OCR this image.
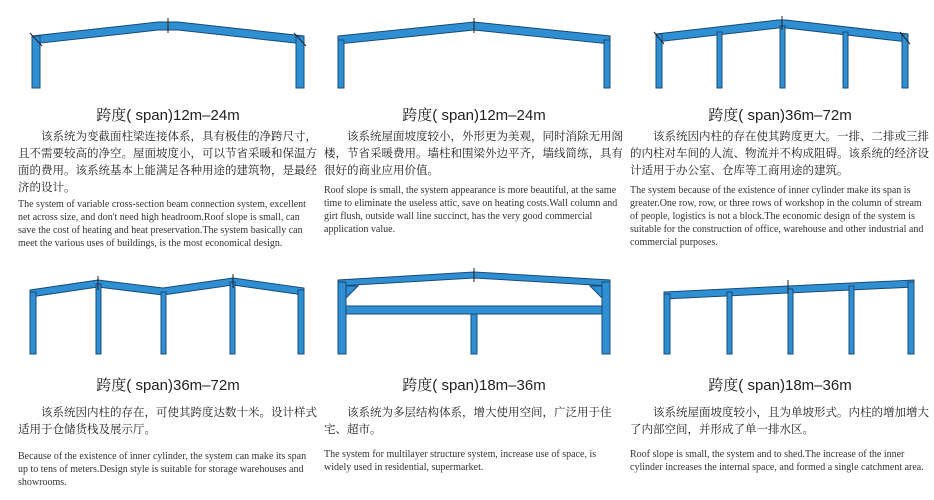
跨度( span)12m–24m

该系统为变截面柱梁连接体系，具有极佳的净跨尺寸，且不需要较高的净空。屋面坡度小，可以节省采暖和保温方面的费用。该系统基本上能满足各种用途的建筑物，是最经济的设计。

The system of variable cross-section beam connection system, excellent net across size, and don't need high headroom.Roof slope is small, can save the cost of heating and heat preservation.The system basically can meet the various uses of buildings, is the most economical design.

跨度( span)12m–24m

该系统屋面坡度较小，外形更为美观，同时消除无用阁楼，节省采暖费用。墙柱和围梁外边平齐，墙线简练，具有很好的商业应用价值。

Roof slope is small, the system appearance is more beautiful, at the same time to eliminate the useless attic, save on heating costs.Wall column and girt flush, outside wall line succinct, has the very good commercial application value.

跨度( span)36m–72m

该系统因内柱的存在使其跨度更大。一排、二排或三排的内柱对车间的人流、物流并不构成阻碍。该系统的经济设计适用于办公室、仓库等工商用途的建筑。

The system because of the existence of inner cylinder make its span is greater.One row, row, or three rows of workshop in the column of stream of people, logistics is not a block.The economic design of the system is suitable for the construction of office, warehouse and other industrial and commercial purposes.

跨度( span)36m–72m

该系统因内柱的存在，可使其跨度达数十米。设计样式适用于仓储货栈及展示厅。

Because of the existence of inner cylinder, the system can make its span up to tens of meters.Design style is suitable for storage warehouses and showrooms.

跨度( span)18m–36m

该系统为多层结构体系，增大使用空间，广泛用于住宅、超市。

The system for multilayer structure system, increase use of space, is widely used in residential, supermarket.

跨度( span)18m–36m

该系统屋面坡度较小，且为单坡形式。内柱的增加增大了内部空间，并形成了单一排水区。

Roof slope is small, the system and to shed.The increase of the inner cylinder increases the internal space, and formed a single catchment area.
